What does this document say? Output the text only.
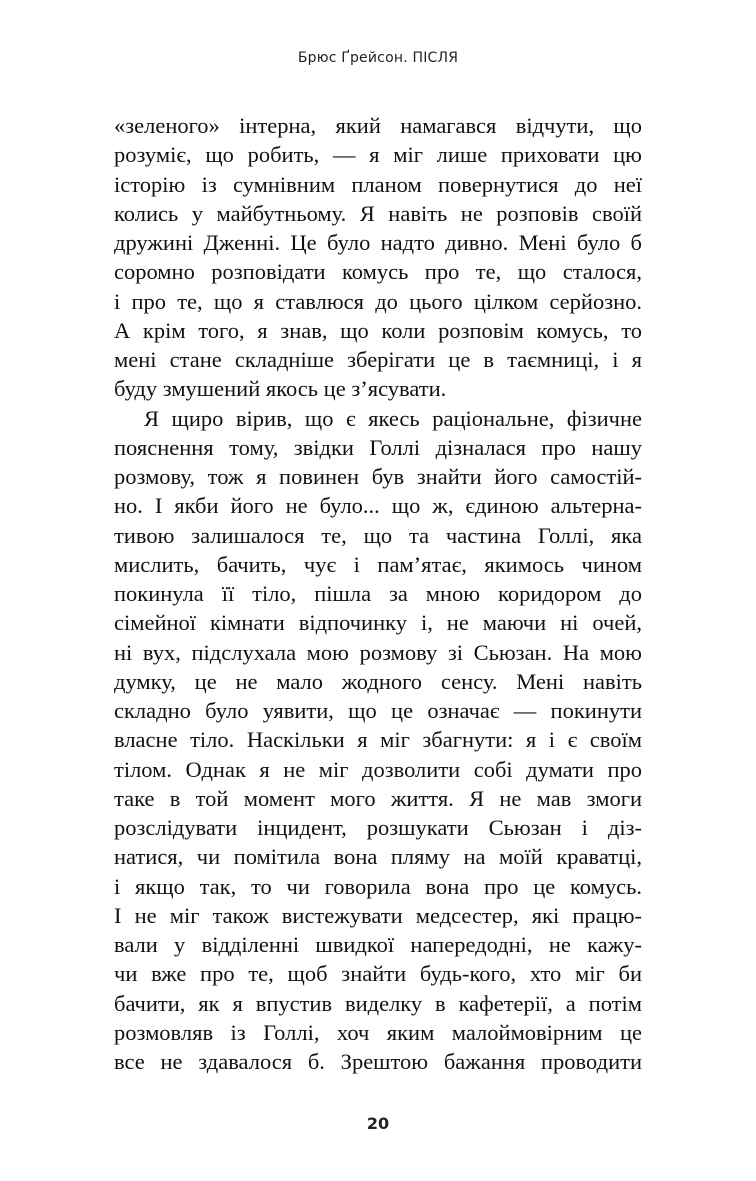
Брюс Ґрейсон. ПІСЛЯ
«зеленого» інтерна, який намагався відчути, що
розуміє, що робить, — я міг лише приховати цю
історію із сумнівним планом повернутися до неї
колись у майбутньому. Я навіть не розповів своїй
дружині Дженні. Це було надто дивно. Мені було б
соромно розповідати комусь про те, що сталося,
і про те, що я ставлюся до цього цілком серйозно.
А крім того, я знав, що коли розповім комусь, то
мені стане складніше зберігати це в таємниці, і я
буду змушений якось це з’ясувати.
Я щиро вірив, що є якесь раціональне, фізичне
пояснення тому, звідки Голлі дізналася про нашу
розмову, тож я повинен був знайти його самостій-
но. І якби його не було... що ж, єдиною альтерна-
тивою залишалося те, що та частина Голлі, яка
мислить, бачить, чує і пам’ятає, якимось чином
покинула її тіло, пішла за мною коридором до
сімейної кімнати відпочинку і, не маючи ні очей,
ні вух, підслухала мою розмову зі Сьюзан. На мою
думку, це не мало жодного сенсу. Мені навіть
складно було уявити, що це означає — покинути
власне тіло. Наскільки я міг збагнути: я і є своїм
тілом. Однак я не міг дозволити собі думати про
таке в той момент мого життя. Я не мав змоги
розслідувати інцидент, розшукати Сьюзан і діз-
натися, чи помітила вона пляму на моїй краватці,
і якщо так, то чи говорила вона про це комусь.
І не міг також вистежувати медсестер, які працю-
вали у відділенні швидкої напередодні, не кажу-
чи вже про те, щоб знайти будь-кого, хто міг би
бачити, як я впустив виделку в кафетерії, а потім
розмовляв із Голлі, хоч яким малоймовірним це
все не здавалося б. Зрештою бажання проводити
20
